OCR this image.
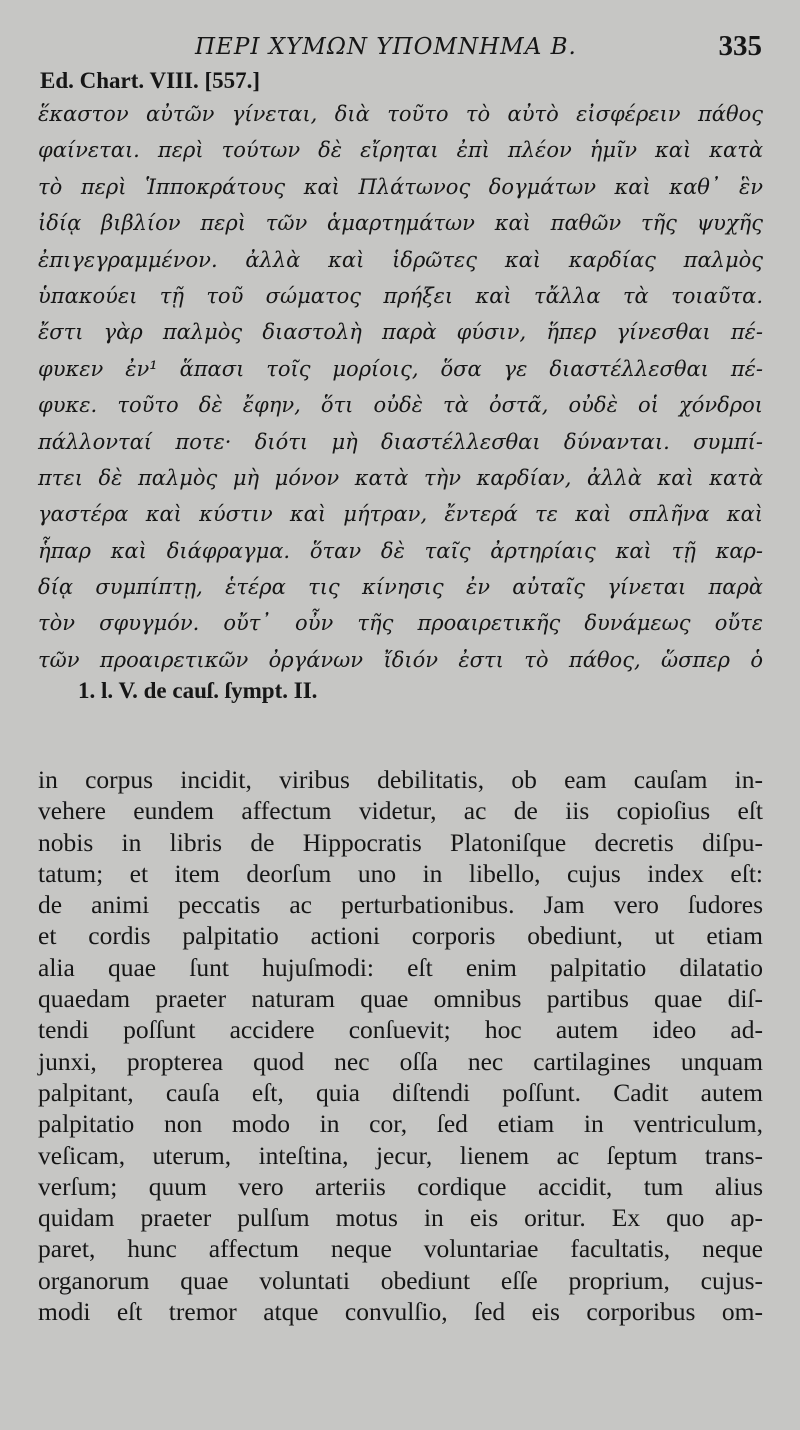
ΠΕΡΙ ΧΥΜΩΝ ΥΠΟΜΝΗΜΑ Β.	335
Ed. Chart. VIII. [557.]
ἕκαστον αὐτῶν γίνεται, διὰ τοῦτο τὸ αὐτὸ εἰσφέρειν πάθος
φαίνεται. περὶ τούτων δὲ εἴρηται ἐπὶ πλέον ἡμῖν καὶ κατὰ
τὸ περὶ Ἱπποκράτους καὶ Πλάτωνος δογμάτων καὶ καθ᾿ ἓν
ἰδίᾳ βιβλίον περὶ τῶν ἁμαρτημάτων καὶ παθῶν τῆς ψυχῆς
ἐπιγεγραμμένον. ἀλλὰ καὶ ἱδρῶτες καὶ καρδίας παλμὸς
ὑπακούει τῇ τοῦ σώματος πρήξει καὶ τἄλλα τὰ τοιαῦτα.
ἔστι γὰρ παλμὸς διαστολὴ παρὰ φύσιν, ἥπερ γίνεσθαι πέ-
φυκεν ἐν¹ ἅπασι τοῖς μορίοις, ὅσα γε διαστέλλεσθαι πέ-
φυκε. τοῦτο δὲ ἔφην, ὅτι οὐδὲ τὰ ὀστᾶ, οὐδὲ οἱ χόνδροι
πάλλονταί ποτε· διότι μὴ διαστέλλεσθαι δύνανται. συμπί-
πτει δὲ παλμὸς μὴ μόνον κατὰ τὴν καρδίαν, ἀλλὰ καὶ κατὰ
γαστέρα καὶ κύστιν καὶ μήτραν, ἔντερά τε καὶ σπλῆνα καὶ
ἧπαρ καὶ διάφραγμα. ὅταν δὲ ταῖς ἀρτηρίαις καὶ τῇ καρ-
δίᾳ συμπίπτῃ, ἑτέρα τις κίνησις ἐν αὐταῖς γίνεται παρὰ
τὸν σφυγμόν. οὔτ᾿ οὖν τῆς προαιρετικῆς δυνάμεως οὔτε
τῶν προαιρετικῶν ὀργάνων ἴδιόν ἐστι τὸ πάθος, ὥσπερ ὁ
1. l. V. de cauſ. ſympt. II.
in corpus incidit, viribus debilitatis, ob eam cauſam in-
vehere eundem affectum videtur, ac de iis copioſius eſt
nobis in libris de Hippocratis Platoniſque decretis diſpu-
tatum; et item deorſum uno in libello, cujus index eſt:
de animi peccatis ac perturbationibus. Jam vero ſudores
et cordis palpitatio actioni corporis obediunt, ut etiam
alia quae ſunt hujuſmodi: eſt enim palpitatio dilatatio
quaedam praeter naturam quae omnibus partibus quae diſ-
tendi poſſunt accidere conſuevit; hoc autem ideo ad-
junxi, propterea quod nec oſſa nec cartilagines unquam
palpitant, cauſa eſt, quia diſtendi poſſunt. Cadit autem
palpitatio non modo in cor, ſed etiam in ventriculum,
veſicam, uterum, inteſtina, jecur, lienem ac ſeptum trans-
verſum; quum vero arteriis cordique accidit, tum alius
quidam praeter pulſum motus in eis oritur. Ex quo ap-
paret, hunc affectum neque voluntariae facultatis, neque
organorum quae voluntati obediunt eſſe proprium, cujus-
modi eſt tremor atque convulſio, ſed eis corporibus om-
